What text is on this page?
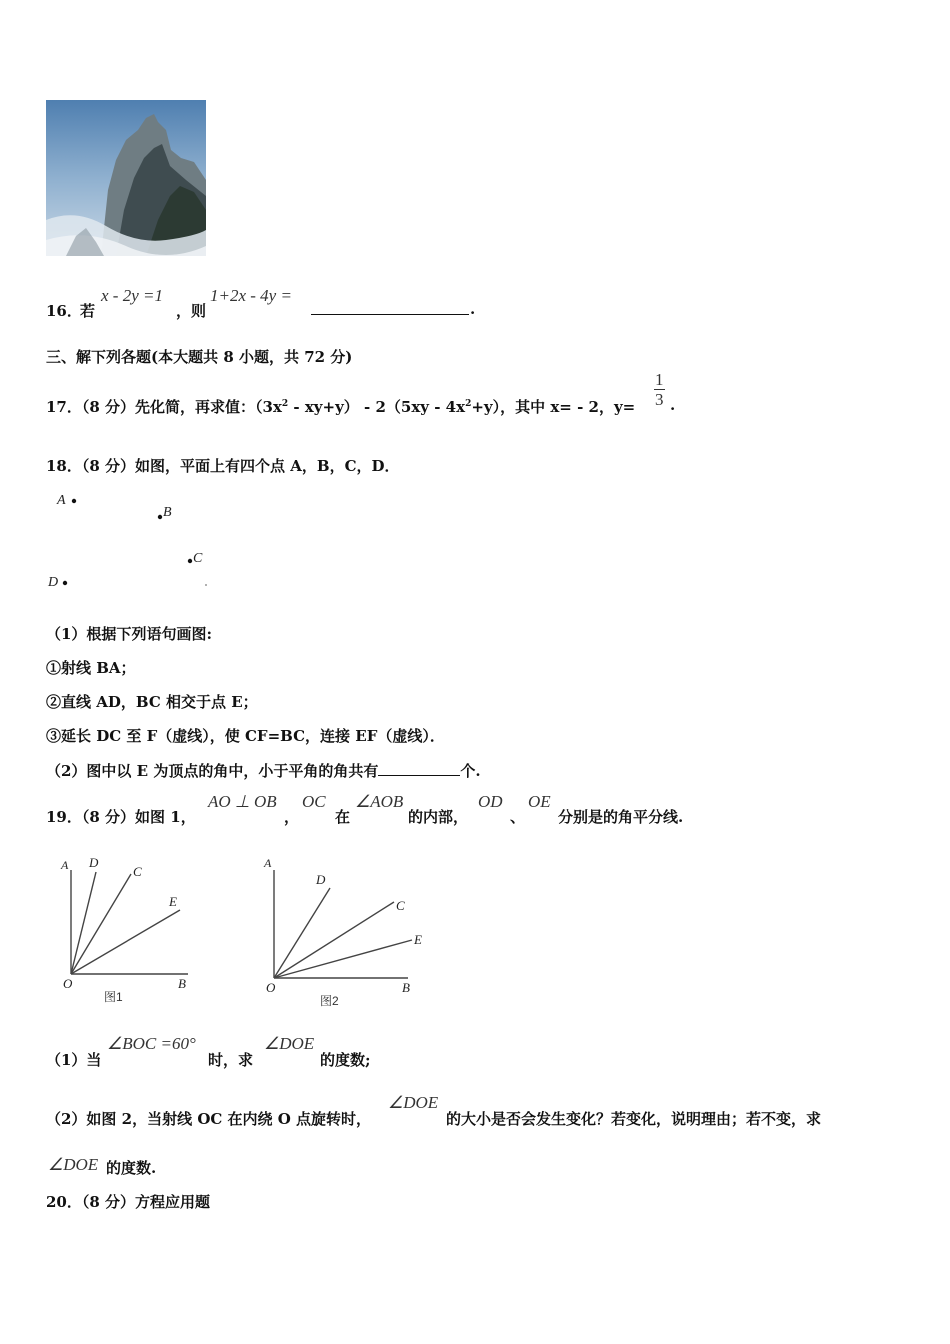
16．
若
x - 2y =1
，则
1+2x - 4y =
.
三、解下列各题(本大题共 8 小题，共 72 分)
17．（8 分）先化简，再求值：$(3x^2 - xy+y) - 2(5xy - 4x^2+y)$，其中 x= - 2，$y= \frac{1}{3}$ .
18．（8 分）如图，平面上有四个点 A，B，C，D．
A
B
C
D
（1）根据下列语句画图:
①射线 BA；
②直线 AD，BC 相交于点 E；
③延长 DC 至 F（虚线），使 CF=BC，连接 EF（虚线）．
（2）图中以 E 为顶点的角中，小于平角的角共有	个.
19．（8 分）如图 1，
AO ⊥ OB
，
OC
在
∠AOB
的内部，
OD
、
OE
分别是的角平分线.
A D
C
E
O	B
图1
A
D
C
E
O	B
图2
（1）当
∠BOC =60°
时，求
∠DOE
的度数;
（2）如图 2，当射线 OC 在内绕 O 点旋转时，
∠DOE
的大小是否会发生变化？若变化，说明理由；若不变，求
∠DOE 的度数.
20．（8 分）方程应用题
